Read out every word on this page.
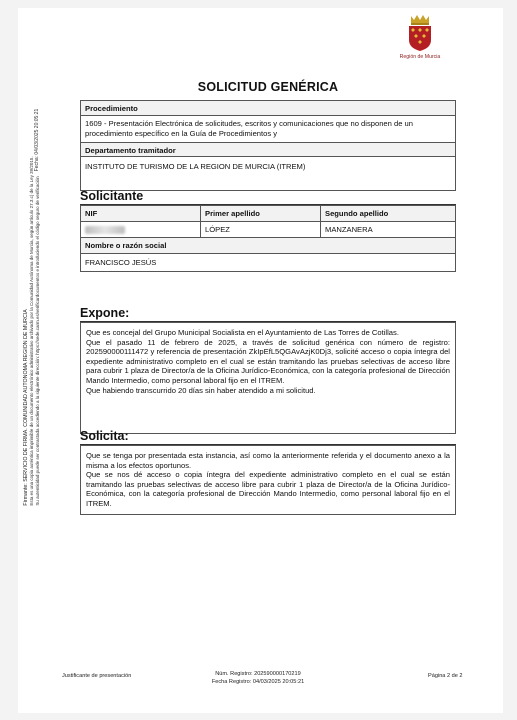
Firmante: SERVICIO DE FIRMA. COMUNIDAD AUTONOMA REGION DE MURCIA Esta es una copia auténtica imprimible de un documento electrónico administrativo archivado por la Comunidad Autónoma de Murcia, según artículo 27.3.c) de la Ley 39/2015. Su autenticidad puede ser contrastada accediendo a la siguiente dirección: https://sede.carm.es/verificardocumentos e introduciendo el código seguro de verificación
Fecha: 04/03/2025 20:05:21
Región de Murcia
SOLICITUD GENÉRICA
Procedimiento
1609 - Presentación Electrónica de solicitudes, escritos y comunicaciones que no disponen de un procedimiento específico en la Guía de Procedimientos y
Departamento tramitador
INSTITUTO DE TURISMO DE LA REGION DE MURCIA (ITREM)
Solicitante
NIF	Primer apellido	Segundo apellido
	LÓPEZ	MANZANERA
Nombre o razón social		
FRANCISCO JESÚS		
Expone:

Que es concejal del Grupo Municipal Socialista en el Ayuntamiento de Las Torres de Cotillas.

Que el pasado 11 de febrero de 2025, a través de solicitud genérica con número de registro: 202590000111472 y referencia de presentación ZkIpEfL5QGAvAzjK0Dj3, solicité acceso o copia íntegra del expediente administrativo completo en el cual se están tramitando las pruebas selectivas de acceso libre para cubrir 1 plaza de Director/a de la Oficina Jurídico-Económica, con la categoría profesional de Dirección Mando Intermedio, como personal laboral fijo en el ITREM.

Que habiendo transcurrido 20 días sin haber atendido a mi solicitud.

Solicita:

Que se tenga por presentada esta instancia, así como la anteriormente referida y el documento anexo a la misma a los efectos oportunos.

Que se nos dé acceso o copia íntegra del expediente administrativo completo en el cual se están tramitando las pruebas selectivas de acceso libre para cubrir 1 plaza de Director/a de la Oficina Jurídico-Económica, con la categoría profesional de Dirección Mando Intermedio, como personal laboral fijo en el ITREM.

Justificante de presentación	Núm. Registro: 202590000170219
Fecha Registro: 04/03/2025 20:05:21
Página 2 de 2
